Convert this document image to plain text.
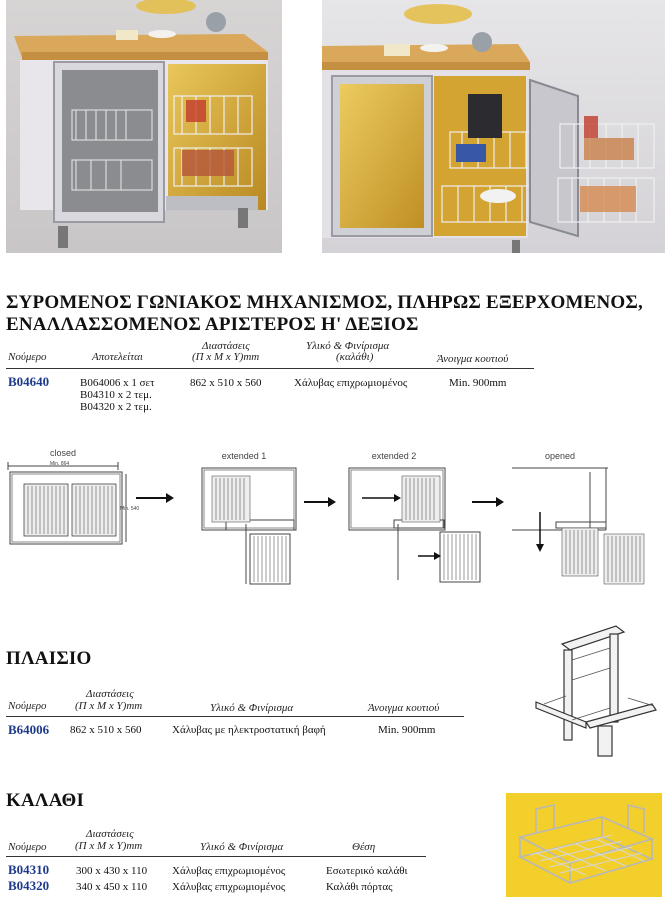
ΣΥΡΟΜΕΝΟΣ ΓΩΝΙΑΚΟΣ ΜΗΧΑΝΙΣΜΟΣ, ΠΛΗΡΩΣ ΕΞΕΡΧΟΜΕΝΟΣ,
ΕΝΑΛΛΑΣΣΟΜΕΝΟΣ ΑΡΙΣΤΕΡΟΣ Η' ΔΕΞΙΟΣ
Νούμερο	Αποτελείται
Διαστάσεις
(Π x Μ x Υ)mm
Υλικό & Φινίρισμα
(καλάθι)	Άνοιγμα κουτιού
B04640	B064006 x 1 σετ
B04310 x 2 τεμ.
B04320 x 2 τεμ.
862 x 510 x 560	Χάλυβας επιχρωμιομένος	Min. 900mm
closed	extended 1	extended 2	opened
Min. 864
Min. 540
ΠΛΑΙΣΙΟ
Νούμερο
Διαστάσεις
(Π x Μ x Υ)mm	Υλικό & Φινίρισμα	Άνοιγμα κουτιού
B64006 862 x 510 x 560	Χάλυβας με ηλεκτροστατική βαφή	Min. 900mm
ΚΑΛΑΘΙ
Νούμερο
Διαστάσεις
(Π x Μ x Υ)mm	Υλικό & Φινίρισμα	Θέση
B04310 300 x 430 x 110 Χάλυβας επιχρωμιομένος	Εσωτερικό καλάθι
B04320 340 x 450 x 110 Χάλυβας επιχρωμιομένος	Καλάθι πόρτας
